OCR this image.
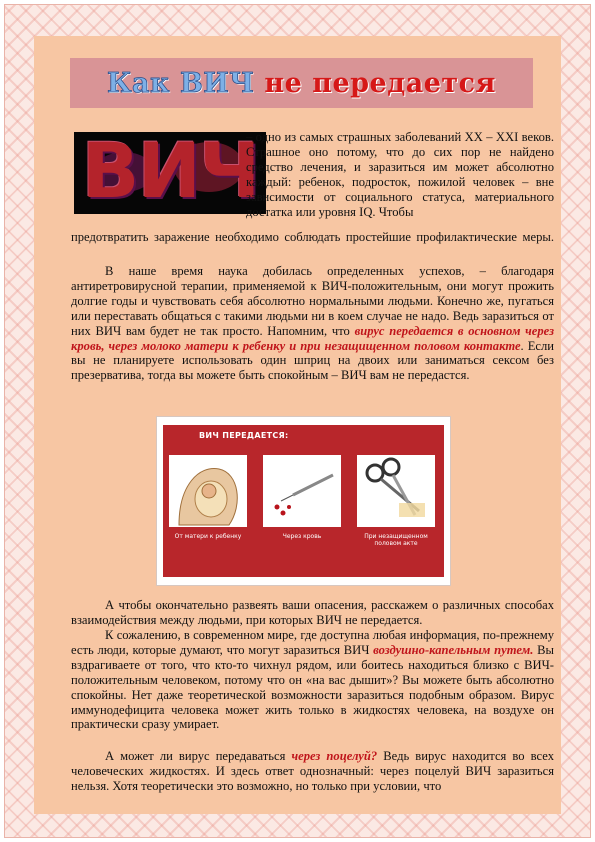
Как ВИЧ не передается
ВИЧ

– одно из самых страшных заболеваний XX – XXI веков. Страшное оно потому, что до сих пор не найдено средство лечения, и заразиться им может абсолютно каждый: ребенок, подросток, пожилой человек – вне зависимости от социального статуса, материального достатка или уровня IQ. Чтобы

предотвратить заражение необходимо соблюдать простейшие профилактические меры.

В наше время наука добилась определенных успехов, – благодаря антиретровирусной терапии, применяемой к ВИЧ-положительным, они могут прожить долгие годы и чувствовать себя абсолютно нормальными людьми. Конечно же, пугаться или переставать общаться с такими людьми ни в коем случае не надо. Ведь заразиться от них ВИЧ вам будет не так просто. Напомним, что вирус передается в основном через кровь, через молоко матери к ребенку и при незащищенном половом контакте. Если вы не планируете использовать один шприц на двоих или заниматься сексом без презерватива, тогда вы можете быть спокойным – ВИЧ вам не передастся.

ВИЧ ПЕРЕДАЕТСЯ:
От матери к ребенку	Через кровь	При незащищенном половом акте

А чтобы окончательно развеять ваши опасения, расскажем о различных способах взаимодействия между людьми, при которых ВИЧ не передается.

К сожалению, в современном мире, где доступна любая информация, по-прежнему есть люди, которые думают, что могут заразиться ВИЧ воздушно-капельным путем. Вы вздрагиваете от того, что кто-то чихнул рядом, или боитесь находиться близко с ВИЧ-положительным человеком, потому что он «на вас дышит»? Вы можете быть абсолютно спокойны. Нет даже теоретической возможности заразиться подобным образом. Вирус иммунодефицита человека может жить только в жидкостях человека, на воздухе он практически сразу умирает.

А может ли вирус передаваться через поцелуй? Ведь вирус находится во всех человеческих жидкостях. И здесь ответ однозначный: через поцелуй ВИЧ заразиться нельзя. Хотя теоретически это возможно, но только при условии, что
